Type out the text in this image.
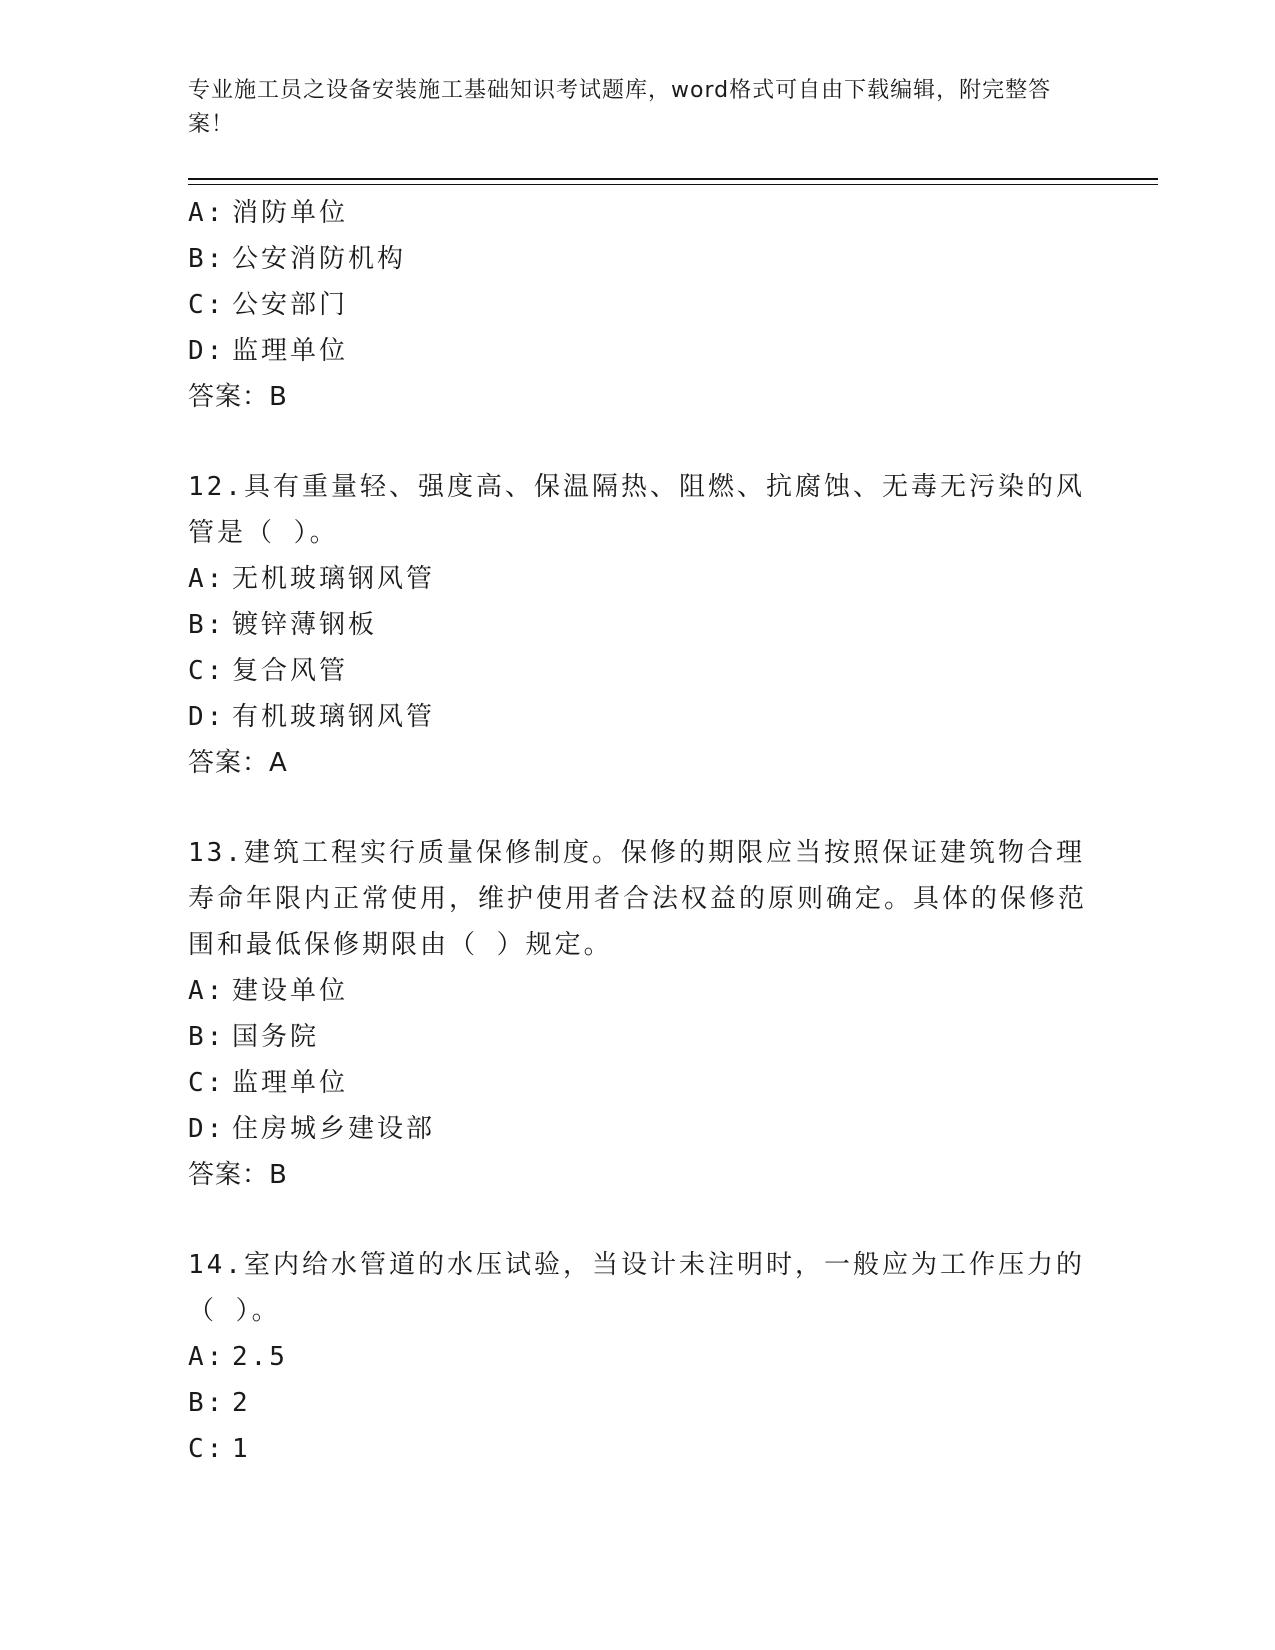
专业施工员之设备安装施工基础知识考试题库，word格式可自由下载编辑，附完整答案！
A: 消防单位
B: 公安消防机构
C: 公安部门
D: 监理单位
答案：B
12.具有重量轻、强度高、保温隔热、阻燃、抗腐蚀、无毒无污染的风管是（ ）。
A: 无机玻璃钢风管
B: 镀锌薄钢板
C: 复合风管
D: 有机玻璃钢风管
答案：A
13.建筑工程实行质量保修制度。保修的期限应当按照保证建筑物合理寿命年限内正常使用，维护使用者合法权益的原则确定。具体的保修范围和最低保修期限由（ ）规定。
A: 建设单位
B: 国务院
C: 监理单位
D: 住房城乡建设部
答案：B
14.室内给水管道的水压试验，当设计未注明时，一般应为工作压力的（ ）。
A: 2.5
B: 2
C: 1
